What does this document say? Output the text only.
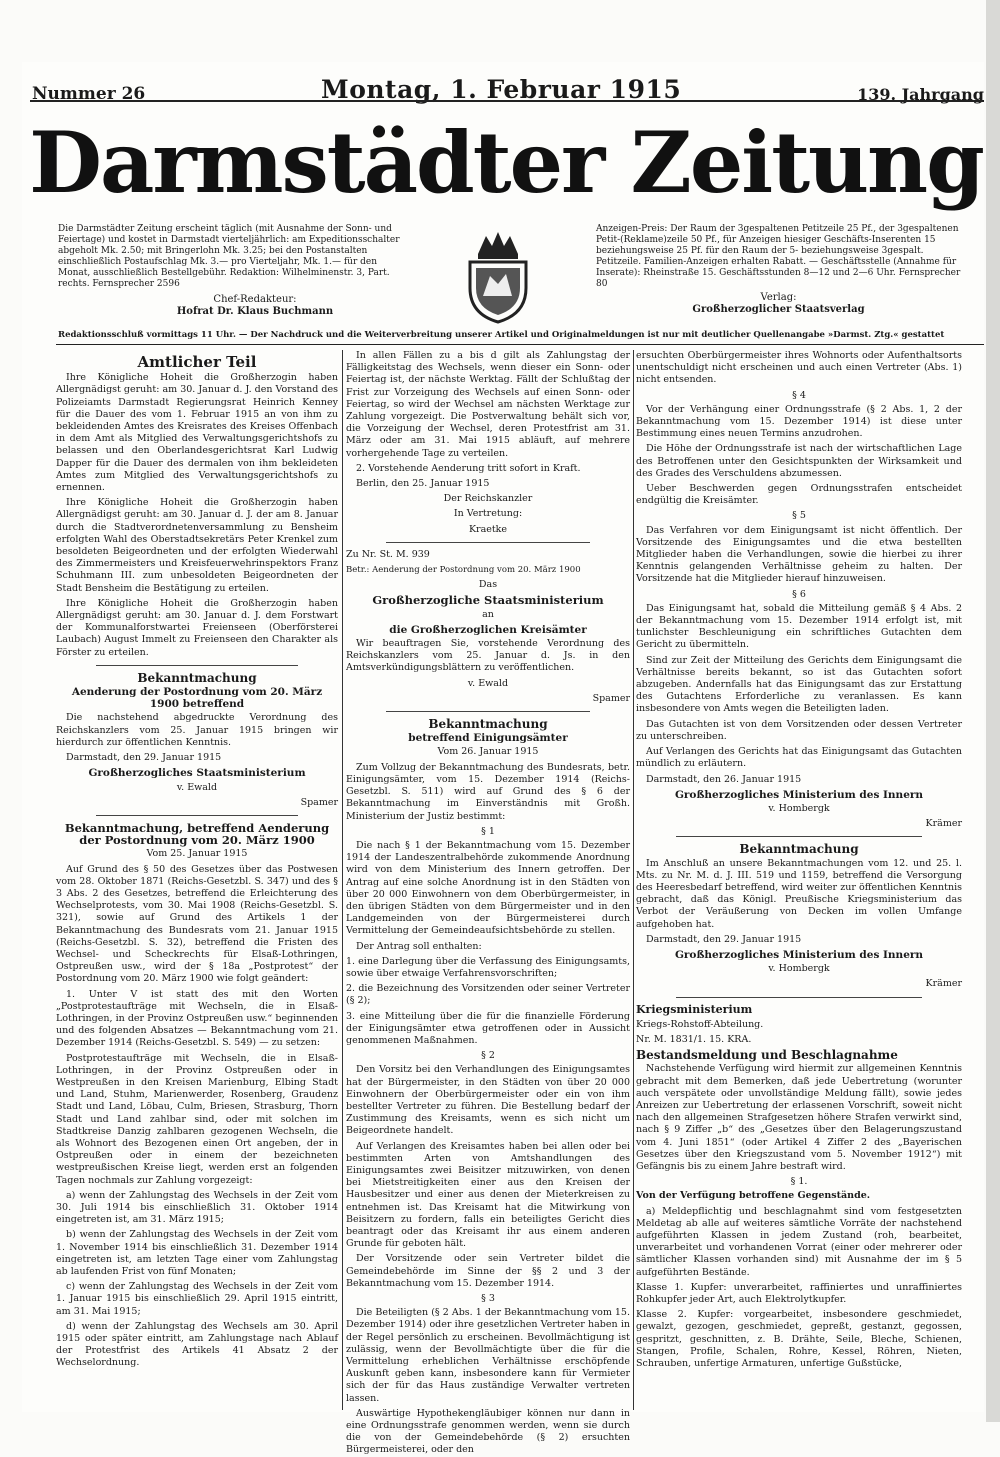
Nummer 26	Montag, 1. Februar 1915	139. Jahrgang
Darmstädter Zeitung
Die Darmstädter Zeitung erscheint täglich (mit Ausnahme der Sonn- und Feiertage) und kostet in Darmstadt vierteljährlich: am Expeditionsschalter abgeholt Mk. 2.50; mit Bringerlohn Mk. 3.25; bei den Postanstalten einschließlich Postaufschlag Mk. 3.— pro Vierteljahr, Mk. 1.— für den Monat, ausschließlich Bestellgebühr. Redaktion: Wilhelminenstr. 3, Part. rechts. Fernsprecher 2596
Anzeigen-Preis: Der Raum der 3gespaltenen Petitzeile 25 Pf., der 3gespaltenen Petit-(Reklame)zeile 50 Pf., für Anzeigen hiesiger Geschäfts-Inserenten 15 beziehungsweise 25 Pf. für den Raum der 5- beziehungsweise 3gespalt. Petitzeile. Familien-Anzeigen erhalten Rabatt. — Geschäftsstelle (Annahme für Inserate): Rheinstraße 15. Geschäftsstunden 8—12 und 2—6 Uhr. Fernsprecher 80
Chef-Redakteur:
Hofrat Dr. Klaus Buchmann
Verlag:
Großherzoglicher Staatsverlag
Redaktionsschluß vormittags 11 Uhr. — Der Nachdruck und die Weiterverbreitung unserer Artikel und Originalmeldungen ist nur mit deutlicher Quellenangabe »Darmst. Ztg.« gestattet
Amtlicher Teil

Ihre Königliche Hoheit die Großherzogin haben Allergnädigst geruht: am 30. Januar d. J. den Vorstand des Polizeiamts Darmstadt Regierungsrat Heinrich Kenney für die Dauer des vom 1. Februar 1915 an von ihm zu bekleidenden Amtes des Kreisrates des Kreises Offenbach in dem Amt als Mitglied des Verwaltungsgerichtshofs zu belassen und den Oberlandesgerichtsrat Karl Ludwig Dapper für die Dauer des dermalen von ihm bekleideten Amtes zum Mitglied des Verwaltungsgerichtshofs zu ernennen.

Ihre Königliche Hoheit die Großherzogin haben Allergnädigst geruht: am 30. Januar d. J. der am 8. Januar durch die Stadtverordnetenversammlung zu Bensheim erfolgten Wahl des Oberstadtsekretärs Peter Krenkel zum besoldeten Beigeordneten und der erfolgten Wiederwahl des Zimmermeisters und Kreisfeuerwehrinspektors Franz Schuhmann III. zum unbesoldeten Beigeordneten der Stadt Bensheim die Bestätigung zu erteilen.

Ihre Königliche Hoheit die Großherzogin haben Allergnädigst geruht: am 30. Januar d. J. dem Forstwart der Kommunalforstwartei Freienseen (Oberförsterei Laubach) August Immelt zu Freienseen den Charakter als Förster zu erteilen.

Bekanntmachung
Aenderung der Postordnung vom 20. März 1900 betreffend

Die nachstehend abgedruckte Verordnung des Reichskanzlers vom 25. Januar 1915 bringen wir hierdurch zur öffentlichen Kenntnis.

Darmstadt, den 29. Januar 1915

Großherzogliches Staatsministerium

v. Ewald

Spamer

Bekanntmachung, betreffend Aenderung der Postordnung vom 20. März 1900

Vom 25. Januar 1915

Auf Grund des § 50 des Gesetzes über das Postwesen vom 28. Oktober 1871 (Reichs-Gesetzbl. S. 347) und des § 3 Abs. 2 des Gesetzes, betreffend die Erleichterung des Wechselprotests, vom 30. Mai 1908 (Reichs-Gesetzbl. S. 321), sowie auf Grund des Artikels 1 der Bekanntmachung des Bundesrats vom 21. Januar 1915 (Reichs-Gesetzbl. S. 32), betreffend die Fristen des Wechsel- und Scheckrechts für Elsaß-Lothringen, Ostpreußen usw., wird der § 18a „Postprotest“ der Postordnung vom 20. März 1900 wie folgt geändert:

1. Unter V ist statt des mit den Worten „Postprotestaufträge mit Wechseln, die in Elsaß-Lothringen, in der Provinz Ostpreußen usw.“ beginnenden und des folgenden Absatzes — Bekanntmachung vom 21. Dezember 1914 (Reichs-Gesetzbl. S. 549) — zu setzen:

Postprotestaufträge mit Wechseln, die in Elsaß-Lothringen, in der Provinz Ostpreußen oder in Westpreußen in den Kreisen Marienburg, Elbing Stadt und Land, Stuhm, Marienwerder, Rosenberg, Graudenz Stadt und Land, Löbau, Culm, Briesen, Strasburg, Thorn Stadt und Land zahlbar sind, oder mit solchen im Stadtkreise Danzig zahlbaren gezogenen Wechseln, die als Wohnort des Bezogenen einen Ort angeben, der in Ostpreußen oder in einem der bezeichneten westpreußischen Kreise liegt, werden erst an folgenden Tagen nochmals zur Zahlung vorgezeigt:

a) wenn der Zahlungstag des Wechsels in der Zeit vom 30. Juli 1914 bis einschließlich 31. Oktober 1914 eingetreten ist, am 31. März 1915;

b) wenn der Zahlungstag des Wechsels in der Zeit vom 1. November 1914 bis einschließlich 31. Dezember 1914 eingetreten ist, am letzten Tage einer vom Zahlungstag ab laufenden Frist von fünf Monaten;

c) wenn der Zahlungstag des Wechsels in der Zeit vom 1. Januar 1915 bis einschließlich 29. April 1915 eintritt, am 31. Mai 1915;

d) wenn der Zahlungstag des Wechsels am 30. April 1915 oder später eintritt, am Zahlungstage nach Ablauf der Protestfrist des Artikels 41 Absatz 2 der Wechselordnung.

In allen Fällen zu a bis d gilt als Zahlungstag der Fälligkeitstag des Wechsels, wenn dieser ein Sonn- oder Feiertag ist, der nächste Werktag. Fällt der Schlußtag der Frist zur Vorzeigung des Wechsels auf einen Sonn- oder Feiertag, so wird der Wechsel am nächsten Werktage zur Zahlung vorgezeigt. Die Postverwaltung behält sich vor, die Vorzeigung der Wechsel, deren Protestfrist am 31. März oder am 31. Mai 1915 abläuft, auf mehrere vorhergehende Tage zu verteilen.

2. Vorstehende Aenderung tritt sofort in Kraft.

Berlin, den 25. Januar 1915

Der Reichskanzler

In Vertretung:

Kraetke

Zu Nr. St. M. 939

Betr.: Aenderung der Postordnung vom 20. März 1900

Das

Großherzogliche Staatsministerium

an

die Großherzoglichen Kreisämter

Wir beauftragen Sie, vorstehende Verordnung des Reichskanzlers vom 25. Januar d. Js. in den Amtsverkündigungsblättern zu veröffentlichen.

v. Ewald

Spamer

Bekanntmachung
betreffend Einigungsämter

Vom 26. Januar 1915

Zum Vollzug der Bekanntmachung des Bundesrats, betr. Einigungsämter, vom 15. Dezember 1914 (Reichs-Gesetzbl. S. 511) wird auf Grund des § 6 der Bekanntmachung im Einverständnis mit Großh. Ministerium der Justiz bestimmt:

§ 1

Die nach § 1 der Bekanntmachung vom 15. Dezember 1914 der Landeszentralbehörde zukommende Anordnung wird von dem Ministerium des Innern getroffen. Der Antrag auf eine solche Anordnung ist in den Städten von über 20 000 Einwohnern von dem Oberbürgermeister, in den übrigen Städten von dem Bürgermeister und in den Landgemeinden von der Bürgermeisterei durch Vermittelung der Gemeindeaufsichtsbehörde zu stellen.

Der Antrag soll enthalten:

1. eine Darlegung über die Verfassung des Einigungsamts, sowie über etwaige Verfahrensvorschriften;

2. die Bezeichnung des Vorsitzenden oder seiner Vertreter (§ 2);

3. eine Mitteilung über die für die finanzielle Förderung der Einigungsämter etwa getroffenen oder in Aussicht genommenen Maßnahmen.

§ 2

Den Vorsitz bei den Verhandlungen des Einigungsamtes hat der Bürgermeister, in den Städten von über 20 000 Einwohnern der Oberbürgermeister oder ein von ihm bestellter Vertreter zu führen. Die Bestellung bedarf der Zustimmung des Kreisamts, wenn es sich nicht um Beigeordnete handelt.

Auf Verlangen des Kreisamtes haben bei allen oder bei bestimmten Arten von Amtshandlungen des Einigungsamtes zwei Beisitzer mitzuwirken, von denen bei Mietstreitigkeiten einer aus den Kreisen der Hausbesitzer und einer aus denen der Mieterkreisen zu entnehmen ist. Das Kreisamt hat die Mitwirkung von Beisitzern zu fordern, falls ein beteiligtes Gericht dies beantragt oder das Kreisamt ihr aus einem anderen Grunde für geboten hält.

Der Vorsitzende oder sein Vertreter bildet die Gemeindebehörde im Sinne der §§ 2 und 3 der Bekanntmachung vom 15. Dezember 1914.

§ 3

Die Beteiligten (§ 2 Abs. 1 der Bekanntmachung vom 15. Dezember 1914) oder ihre gesetzlichen Vertreter haben in der Regel persönlich zu erscheinen. Bevollmächtigung ist zulässig, wenn der Bevollmächtigte über die für die Vermittelung erheblichen Verhältnisse erschöpfende Auskunft geben kann, insbesondere kann für Vermieter sich der für das Haus zuständige Verwalter vertreten lassen.

Auswärtige Hypothekengläubiger können nur dann in eine Ordnungsstrafe genommen werden, wenn sie durch die von der Gemeindebehörde (§ 2) ersuchten Bürgermeisterei, oder den

ersuchten Oberbürgermeister ihres Wohnorts oder Aufenthaltsorts unentschuldigt nicht erscheinen und auch einen Vertreter (Abs. 1) nicht entsenden.

§ 4

Vor der Verhängung einer Ordnungsstrafe (§ 2 Abs. 1, 2 der Bekanntmachung vom 15. Dezember 1914) ist diese unter Bestimmung eines neuen Termins anzudrohen.

Die Höhe der Ordnungsstrafe ist nach der wirtschaftlichen Lage des Betroffenen unter den Gesichtspunkten der Wirksamkeit und des Grades des Verschuldens abzumessen.

Ueber Beschwerden gegen Ordnungsstrafen entscheidet endgültig die Kreisämter.

§ 5

Das Verfahren vor dem Einigungsamt ist nicht öffentlich. Der Vorsitzende des Einigungsamtes und die etwa bestellten Mitglieder haben die Verhandlungen, sowie die hierbei zu ihrer Kenntnis gelangenden Verhältnisse geheim zu halten. Der Vorsitzende hat die Mitglieder hierauf hinzuweisen.

§ 6

Das Einigungsamt hat, sobald die Mitteilung gemäß § 4 Abs. 2 der Bekanntmachung vom 15. Dezember 1914 erfolgt ist, mit tunlichster Beschleunigung ein schriftliches Gutachten dem Gericht zu übermitteln.

Sind zur Zeit der Mitteilung des Gerichts dem Einigungsamt die Verhältnisse bereits bekannt, so ist das Gutachten sofort abzugeben. Andernfalls hat das Einigungsamt das zur Erstattung des Gutachtens Erforderliche zu veranlassen. Es kann insbesondere von Amts wegen die Beteiligten laden.

Das Gutachten ist von dem Vorsitzenden oder dessen Vertreter zu unterschreiben.

Auf Verlangen des Gerichts hat das Einigungsamt das Gutachten mündlich zu erläutern.

Darmstadt, den 26. Januar 1915

Großherzogliches Ministerium des Innern

v. Hombergk

Krämer

Bekanntmachung

Im Anschluß an unsere Bekanntmachungen vom 12. und 25. l. Mts. zu Nr. M. d. J. III. 519 und 1159, betreffend die Versorgung des Heeresbedarf betreffend, wird weiter zur öffentlichen Kenntnis gebracht, daß das Königl. Preußische Kriegsministerium das Verbot der Veräußerung von Decken im vollen Umfange aufgehoben hat.

Darmstadt, den 29. Januar 1915

Großherzogliches Ministerium des Innern

v. Hombergk

Krämer

Kriegsministerium

Kriegs-Rohstoff-Abteilung.

Nr. M. 1831/1. 15. KRA.

Bestandsmeldung und Beschlagnahme

Nachstehende Verfügung wird hiermit zur allgemeinen Kenntnis gebracht mit dem Bemerken, daß jede Uebertretung (worunter auch verspätete oder unvollständige Meldung fällt), sowie jedes Anreizen zur Uebertretung der erlassenen Vorschrift, soweit nicht nach den allgemeinen Strafgesetzen höhere Strafen verwirkt sind, nach § 9 Ziffer „b“ des „Gesetzes über den Belagerungszustand vom 4. Juni 1851“ (oder Artikel 4 Ziffer 2 des „Bayerischen Gesetzes über den Kriegszustand vom 5. November 1912“) mit Gefängnis bis zu einem Jahre bestraft wird.

§ 1.

Von der Verfügung betroffene Gegenstände.

a) Meldepflichtig und beschlagnahmt sind vom festgesetzten Meldetag ab alle auf weiteres sämtliche Vorräte der nachstehend aufgeführten Klassen in jedem Zustand (roh, bearbeitet, unverarbeitet und vorhandenen Vorrat (einer oder mehrerer oder sämtlicher Klassen vorhanden sind) mit Ausnahme der im § 5 aufgeführten Bestände.

Klasse 1. Kupfer: unverarbeitet, raffiniertes und unraffiniertes Rohkupfer jeder Art, auch Elektrolytkupfer.

Klasse 2. Kupfer: vorgearbeitet, insbesondere geschmiedet, gewalzt, gezogen, geschmiedet, gepreßt, gestanzt, gegossen, gespritzt, geschnitten, z. B. Drähte, Seile, Bleche, Schienen, Stangen, Profile, Schalen, Rohre, Kessel, Röhren, Nieten, Schrauben, unfertige Armaturen, unfertige Gußstücke,
